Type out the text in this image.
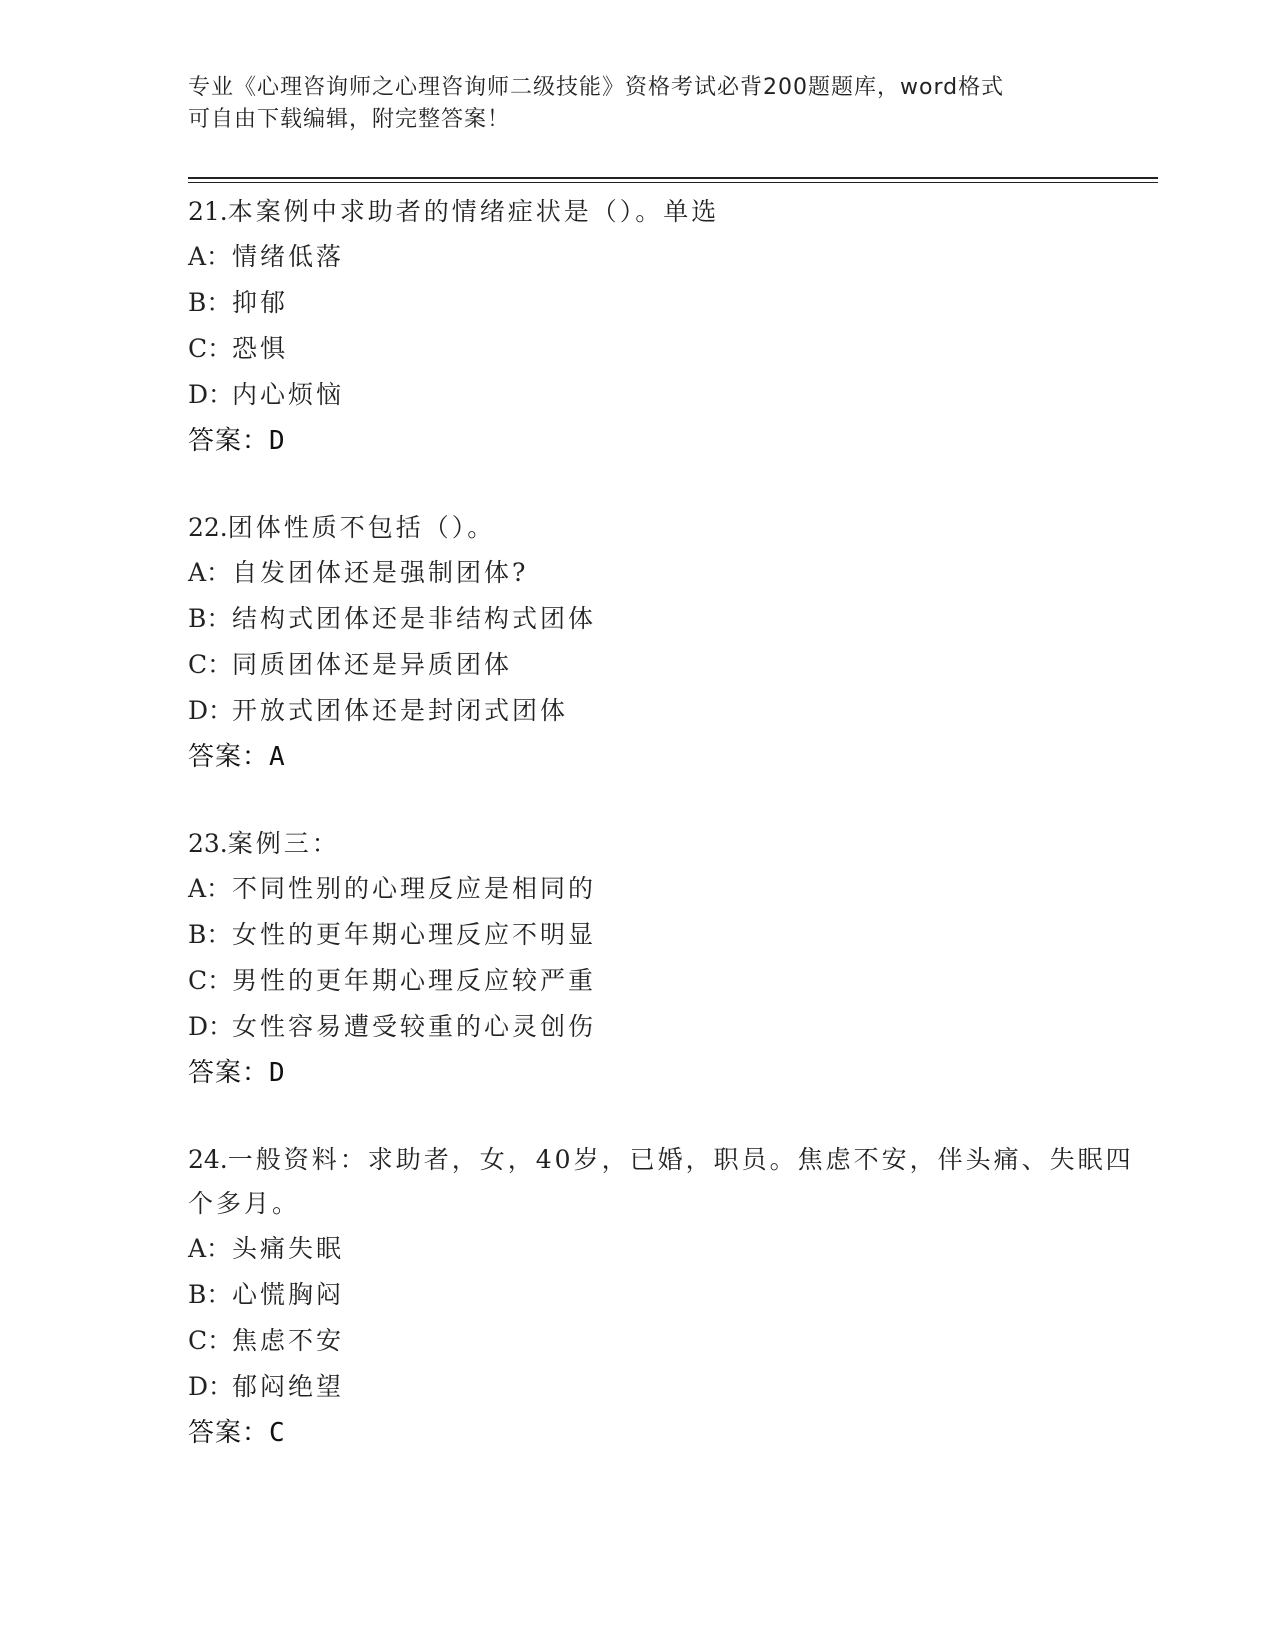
专业《心理咨询师之心理咨询师二级技能》资格考试必背200题题库，word格式
可自由下载编辑，附完整答案！
21.本案例中求助者的情绪症状是（）。单选
A：情绪低落
B：抑郁
C：恐惧
D：内心烦恼
答案：D
22.团体性质不包括（）。
A：自发团体还是强制团体?
B：结构式团体还是非结构式团体
C：同质团体还是异质团体
D：开放式团体还是封闭式团体
答案：A
23.案例三：
A：不同性别的心理反应是相同的
B：女性的更年期心理反应不明显
C：男性的更年期心理反应较严重
D：女性容易遭受较重的心灵创伤
答案：D
24.一般资料：求助者，女，40岁，已婚，职员。焦虑不安，伴头痛、失眠四个多月。
A：头痛失眠
B：心慌胸闷
C：焦虑不安
D：郁闷绝望
答案：C
